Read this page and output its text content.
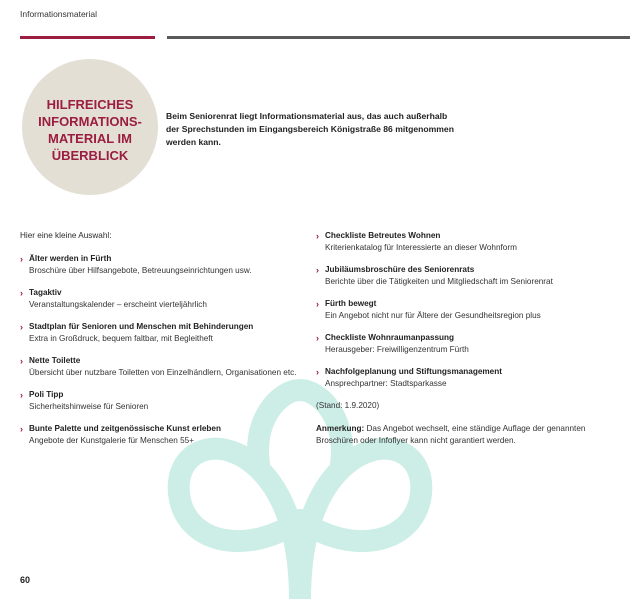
Informationsmaterial
HILFREICHES INFORMATIONS-MATERIAL IM ÜBERBLICK
Beim Seniorenrat liegt Informationsmaterial aus, das auch außerhalb der Sprechstunden im Eingangsbereich Königstraße 86 mitgenommen werden kann.
Hier eine kleine Auswahl:
› Älter werden in Fürth
Broschüre über Hilfsangebote, Betreuungseinrichtungen usw.
› Tagaktiv
Veranstaltungskalender – erscheint vierteljährlich
› Stadtplan für Senioren und Menschen mit Behinderungen
Extra in Großdruck, bequem faltbar, mit Begleitheft
› Nette Toilette
Übersicht über nutzbare Toiletten von Einzelhändlern, Organisationen etc.
› Poli Tipp
Sicherheitshinweise für Senioren
› Bunte Palette und zeitgenössische Kunst erleben
Angebote der Kunstgalerie für Menschen 55+
› Checkliste Betreutes Wohnen
Kriterienkatalog für Interessierte an dieser Wohnform
› Jubiläumsbroschüre des Seniorenrats
Berichte über die Tätigkeiten und Mitgliedschaft im Seniorenrat
› Fürth bewegt
Ein Angebot nicht nur für Ältere der Gesundheitsregion plus
› Checkliste Wohnraumanpassung
Herausgeber: Freiwilligenzentrum Fürth
› Nachfolgeplanung und Stiftungsmanagement
Ansprechpartner: Stadtsparkasse
(Stand: 1.9.2020)
Anmerkung: Das Angebot wechselt, eine ständige Auflage der genannten Broschüren oder Infoflyer kann nicht garantiert werden.
60
